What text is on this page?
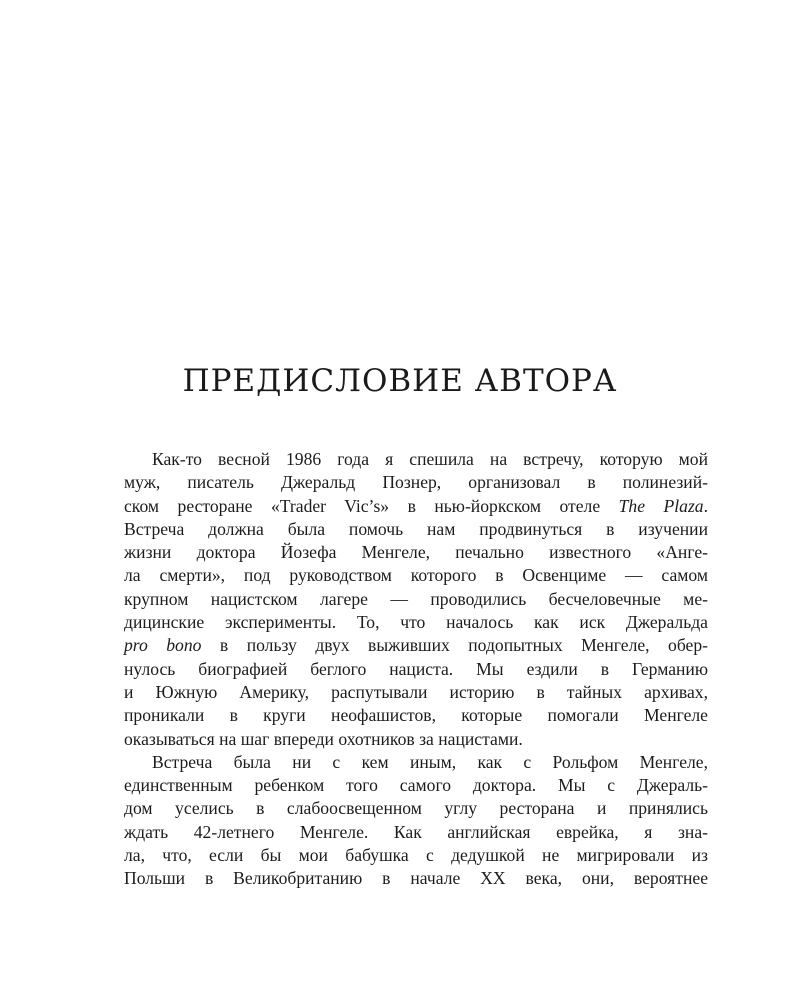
ПРЕДИСЛОВИЕ АВТОРА
Как-то весной 1986 года я спешила на встречу, которую мой
муж, писатель Джеральд Познер, организовал в полинезий-
ском ресторане «Trader Vic’s» в нью-йоркском отеле The Plaza.
Встреча должна была помочь нам продвинуться в изучении
жизни доктора Йозефа Менгеле, печально известного «Анге-
ла смерти», под руководством которого в Освенциме — самом
крупном нацистском лагере — проводились бесчеловечные ме-
дицинские эксперименты. То, что началось как иск Джеральда
pro bono в пользу двух выживших подопытных Менгеле, обер-
нулось биографией беглого нациста. Мы ездили в Германию
и Южную Америку, распутывали историю в тайных архивах,
проникали в круги неофашистов, которые помогали Менгеле
оказываться на шаг впереди охотников за нацистами.
Встреча была ни с кем иным, как с Рольфом Менгеле,
единственным ребенком того самого доктора. Мы с Джераль-
дом уселись в слабоосвещенном углу ресторана и принялись
ждать 42-летнего Менгеле. Как английская еврейка, я зна-
ла, что, если бы мои бабушка с дедушкой не мигрировали из
Польши в Великобританию в начале XX века, они, вероятнее
